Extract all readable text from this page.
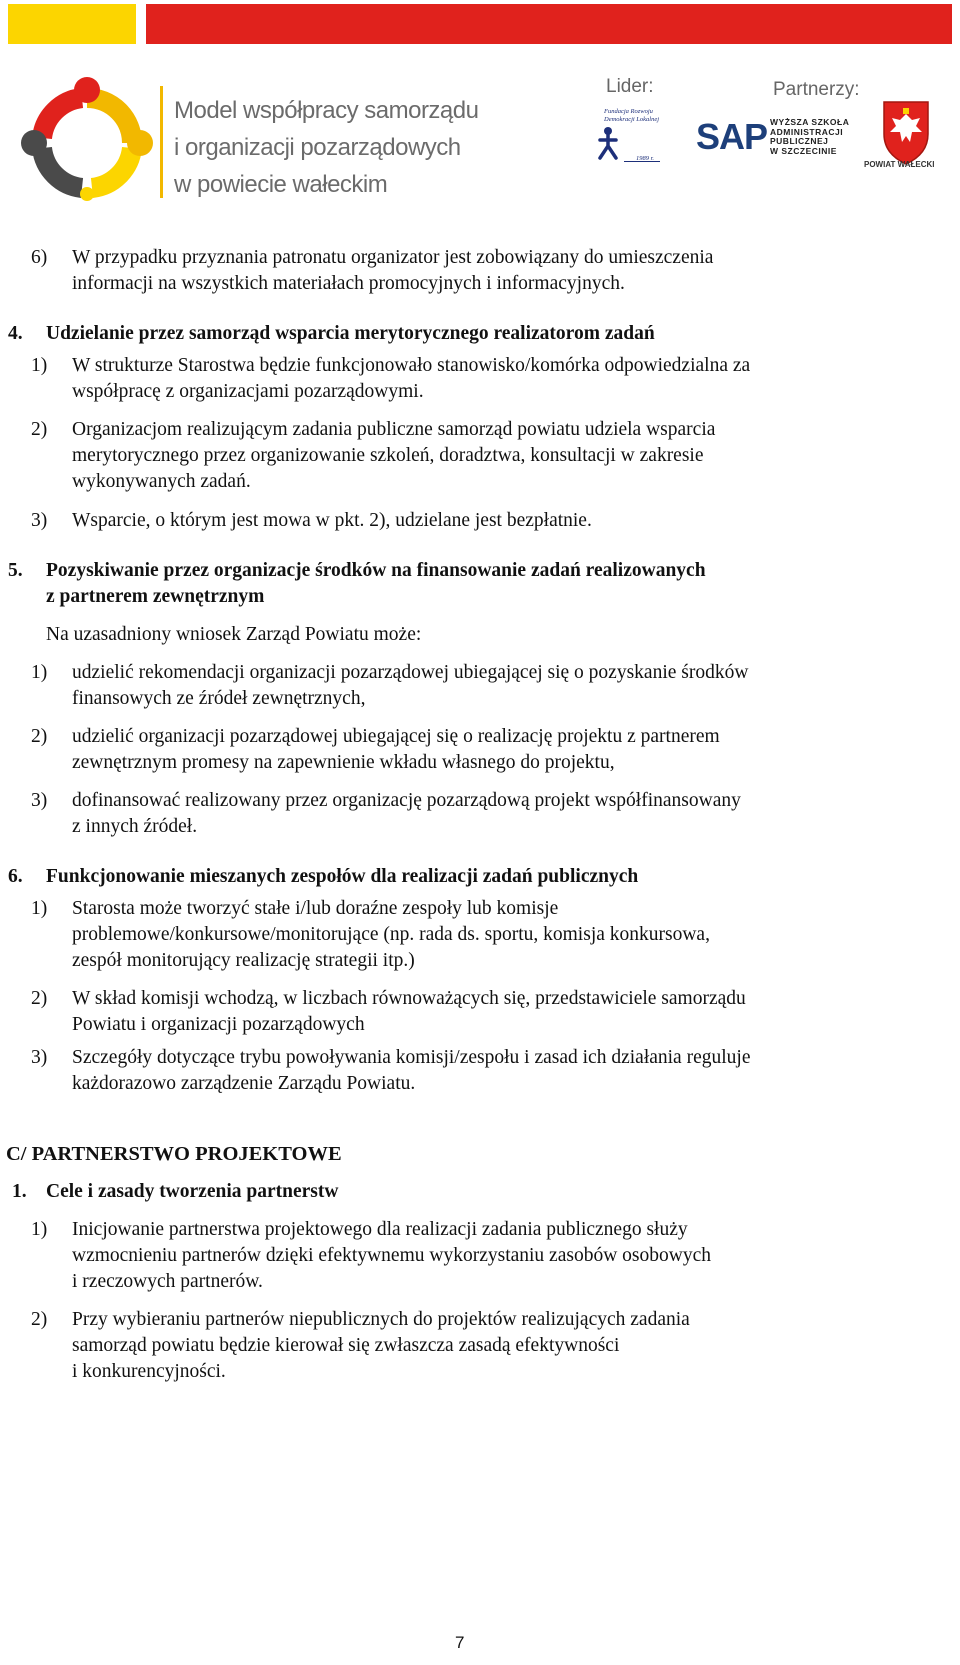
Model współpracy samorządu
i organizacji pozarządowych
w powiecie wałeckim
Lider:	Partnerzy:
Fundacja Rozwoju
Demokracji Lokalnej
1989 r.
SAP WYŻSZA SZKOŁA
ADMINISTRACJI
PUBLICZNEJ
W SZCZECINIE
POWIAT WAŁECKI
6) W przypadku przyznania patronatu organizator jest zobowiązany do umieszczenia
informacji na wszystkich materiałach promocyjnych i informacyjnych.
4. Udzielanie przez samorząd wsparcia merytorycznego realizatorom zadań
1) W strukturze Starostwa będzie funkcjonowało stanowisko/komórka odpowiedzialna za
współpracę z organizacjami pozarządowymi.
2) Organizacjom realizującym zadania publiczne samorząd powiatu udziela wsparcia
merytorycznego przez organizowanie szkoleń, doradztwa, konsultacji w zakresie
wykonywanych zadań.
3) Wsparcie, o którym jest mowa w pkt. 2), udzielane jest bezpłatnie.
5. Pozyskiwanie przez organizacje środków na finansowanie zadań realizowanych
z partnerem zewnętrznym
Na uzasadniony wniosek Zarząd Powiatu może:
1) udzielić rekomendacji organizacji pozarządowej ubiegającej się o pozyskanie środków
finansowych ze źródeł zewnętrznych,
2) udzielić organizacji pozarządowej ubiegającej się o realizację projektu z partnerem
zewnętrznym promesy na zapewnienie wkładu własnego do projektu,
3) dofinansować realizowany przez organizację pozarządową projekt współfinansowany
z innych źródeł.
6. Funkcjonowanie mieszanych zespołów dla realizacji zadań publicznych
1) Starosta może tworzyć stałe i/lub doraźne zespoły lub komisje
problemowe/konkursowe/monitorujące (np. rada ds. sportu, komisja konkursowa,
zespół monitorujący realizację strategii itp.)
2) W skład komisji wchodzą, w liczbach równoważących się, przedstawiciele samorządu
Powiatu i organizacji pozarządowych
3) Szczegóły dotyczące trybu powoływania komisji/zespołu i zasad ich działania reguluje
każdorazowo zarządzenie Zarządu Powiatu.
C/ PARTNERSTWO PROJEKTOWE
1. Cele i zasady tworzenia partnerstw
1) Inicjowanie partnerstwa projektowego dla realizacji zadania publicznego służy
wzmocnieniu partnerów dzięki efektywnemu wykorzystaniu zasobów osobowych
i rzeczowych partnerów.
2) Przy wybieraniu partnerów niepublicznych do projektów realizujących zadania
samorząd powiatu będzie kierował się zwłaszcza zasadą efektywności
i konkurencyjności.
7
